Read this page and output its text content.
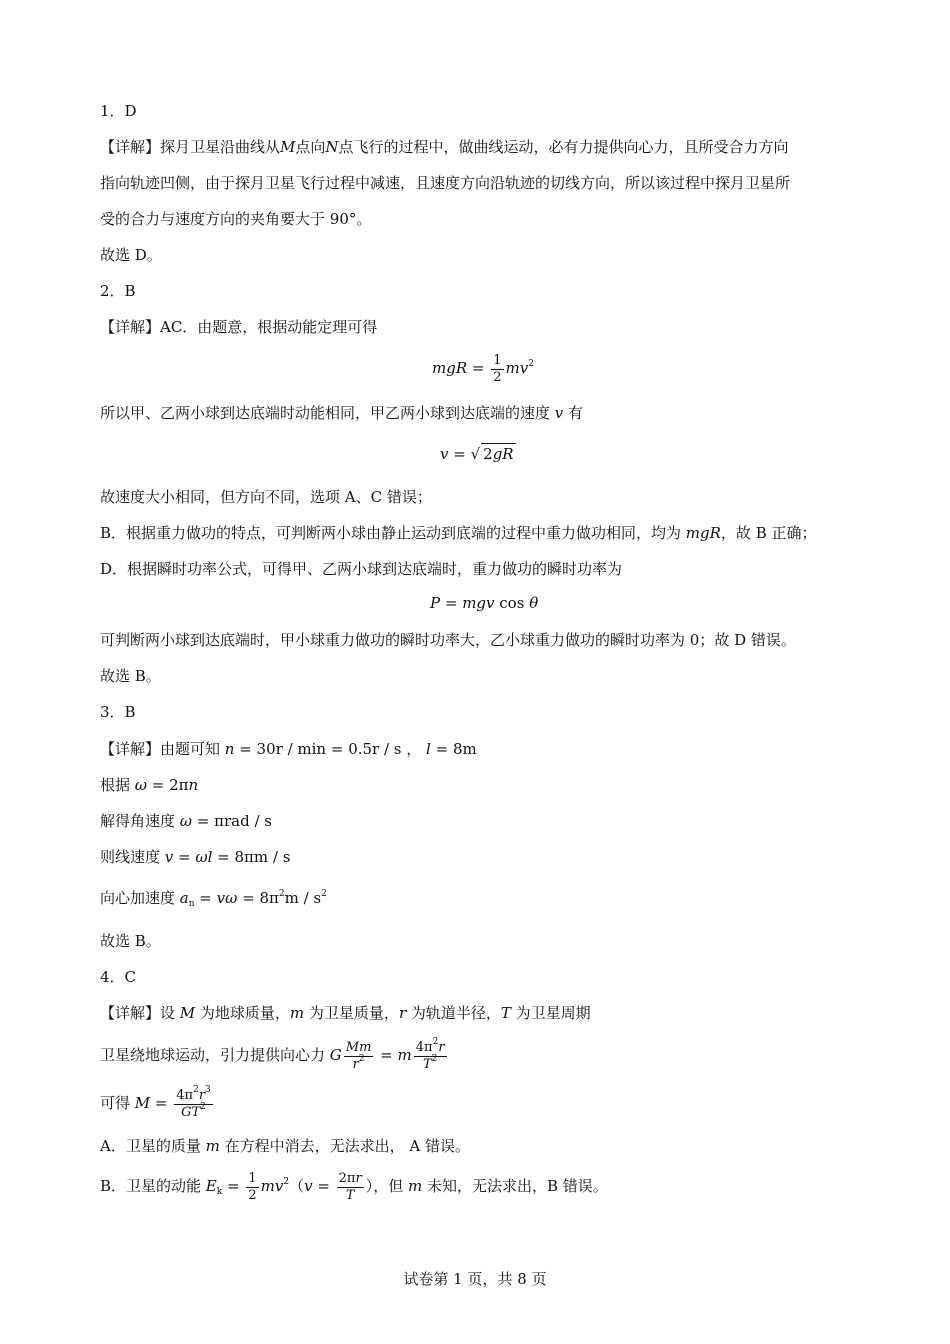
1．D
【详解】探月卫星沿曲线从M点向N点飞行的过程中，做曲线运动，必有力提供向心力，且所受合力方向
指向轨迹凹侧，由于探月卫星飞行过程中减速，且速度方向沿轨迹的切线方向，所以该过程中探月卫星所
受的合力与速度方向的夹角要大于 90°。
故选 D。
2．B
【详解】AC．由题意，根据动能定理可得
mgR = $\frac{1}{2} mv^2$
所以甲、乙两小球到达底端时动能相同，甲乙两小球到达底端的速度 v 有
v = √ 2gR
故速度大小相同，但方向不同，选项 A、C 错误；
B．根据重力做功的特点，可判断两小球由静止运动到底端的过程中重力做功相同，均为 mgR，故 B 正确；
D．根据瞬时功率公式，可得甲、乙两小球到达底端时，重力做功的瞬时功率为
P = mgv cos θ
可判断两小球到达底端时，甲小球重力做功的瞬时功率大，乙小球重力做功的瞬时功率为 0；故 D 错误。
故选 B。
3．B
【详解】由题可知 n = 30r / min = 0.5r / s ， l = 8m
根据 ω = 2πn
解得角速度 ω = πrad / s
则线速度 v = ωl = 8πm / s
向心加速度 $a_n = v\omega = 8\pi^2m / s^2$
故选 B。
4．C
【详解】设 M 为地球质量，m 为卫星质量，r 为轨道半径，T 为卫星周期
卫星绕地球运动，引力提供向心力 G $\frac{Mm}{r^2} = m \frac{4\pi^2r}{T^2}$
可得 $M = \frac{4\pi^2r^3}{GT^2}$
A．卫星的质量 m 在方程中消去，无法求出， A 错误。
B．卫星的动能 $E_k = \frac{1}{2} mv^2(v = \frac{2\pi r}{T}$ ），但 m 未知，无法求出，B 错误。
试卷第 1 页，共 8 页
